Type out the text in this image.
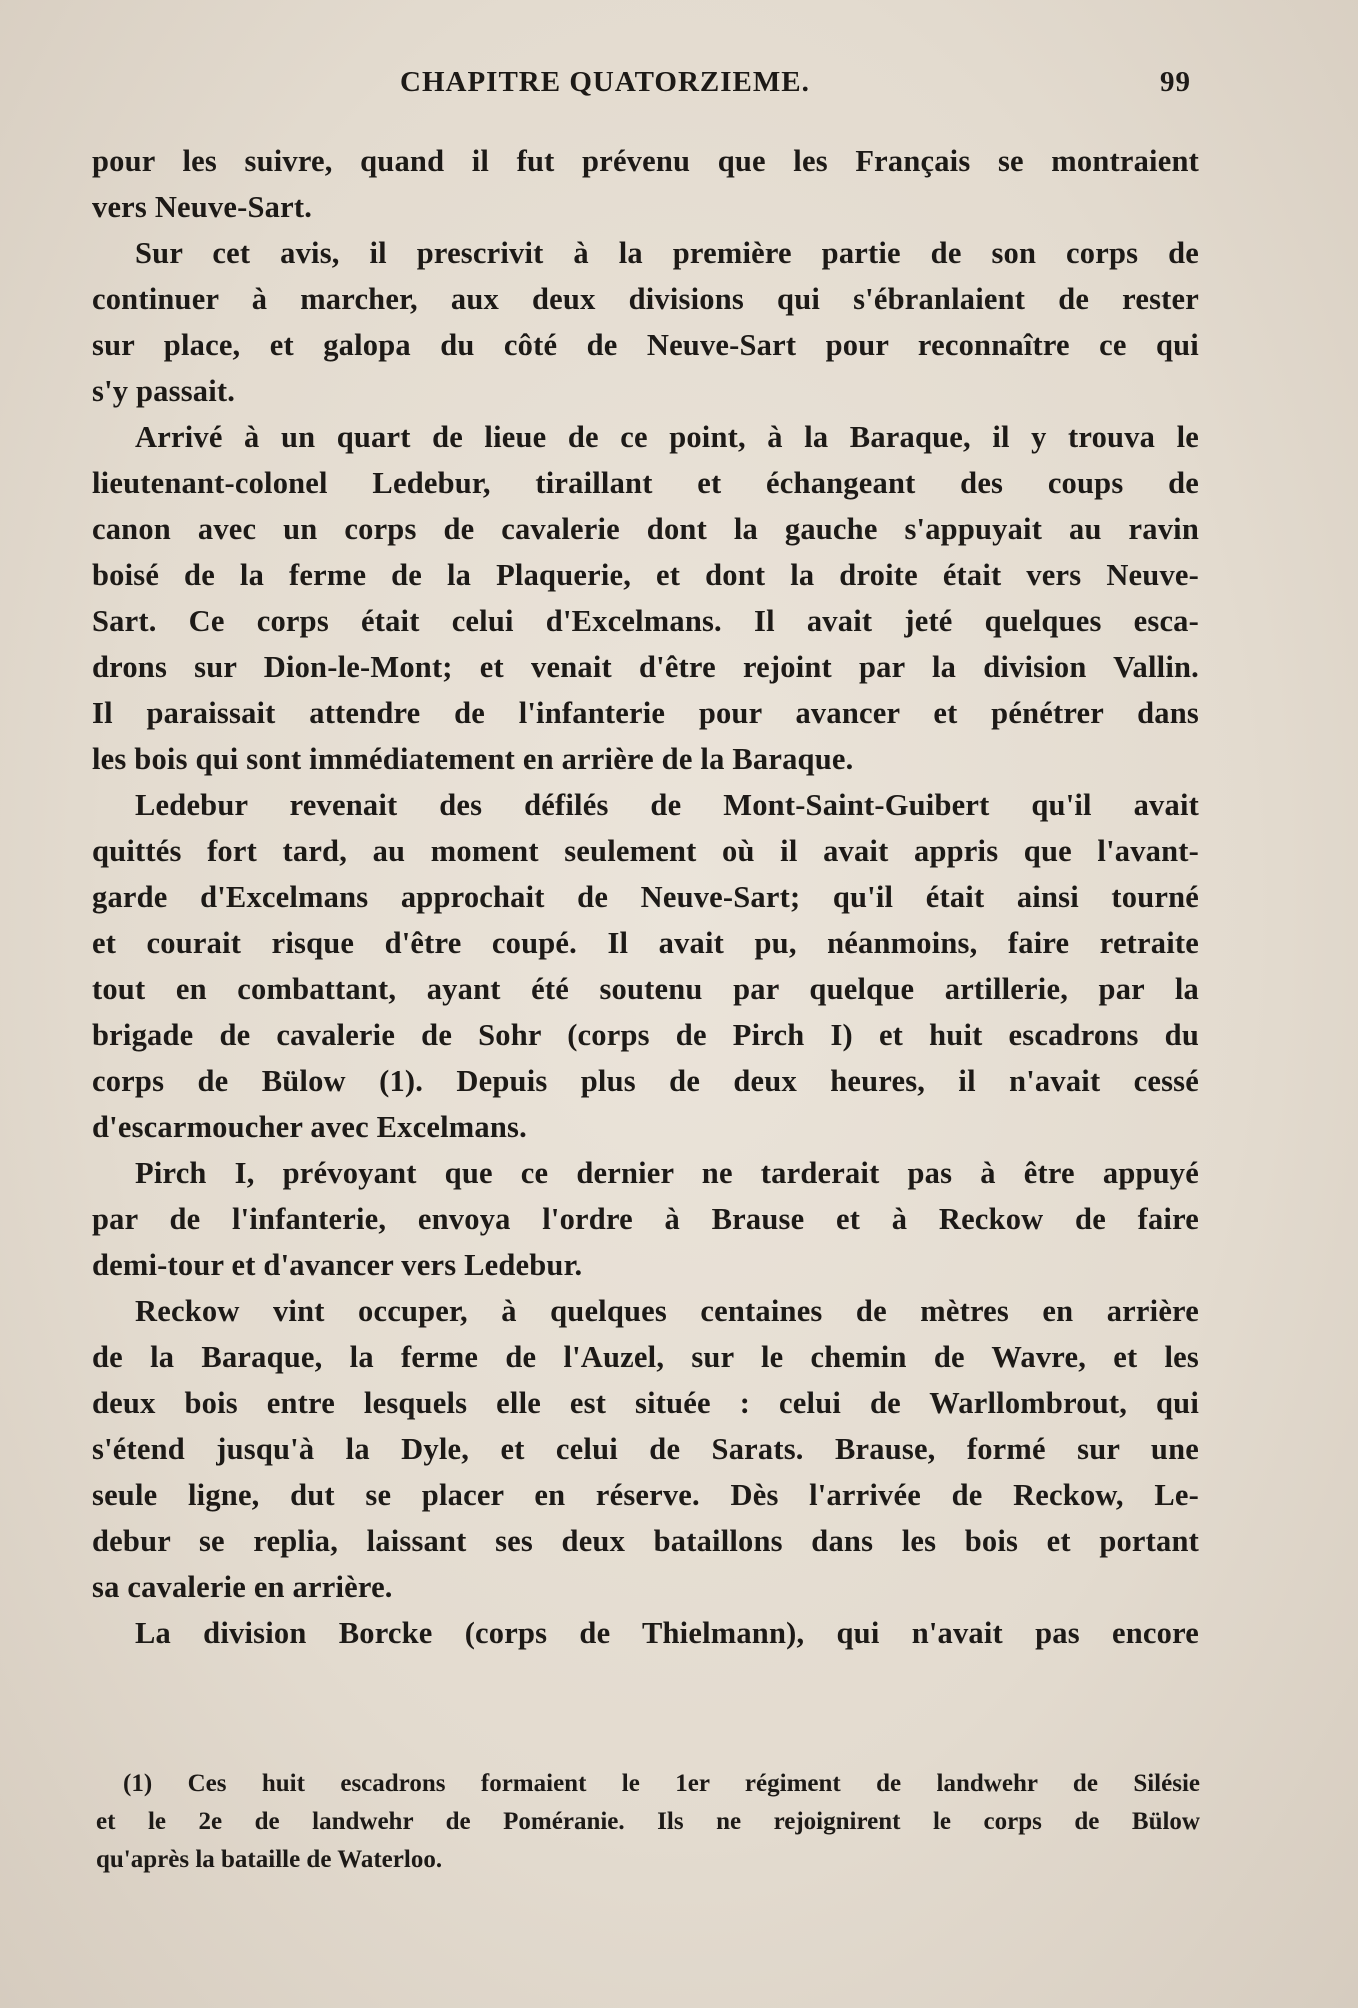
CHAPITRE QUATORZIEME.	99
pour les suivre, quand il fut prévenu que les Français se montraient
vers Neuve-Sart.
Sur cet avis, il prescrivit à la première partie de son corps de
continuer à marcher, aux deux divisions qui s'ébranlaient de rester
sur place, et galopa du côté de Neuve-Sart pour reconnaître ce qui
s'y passait.
Arrivé à un quart de lieue de ce point, à la Baraque, il y trouva le
lieutenant-colonel Ledebur, tiraillant et échangeant des coups de
canon avec un corps de cavalerie dont la gauche s'appuyait au ravin
boisé de la ferme de la Plaquerie, et dont la droite était vers Neuve-
Sart. Ce corps était celui d'Excelmans. Il avait jeté quelques esca-
drons sur Dion-le-Mont; et venait d'être rejoint par la division Vallin.
Il paraissait attendre de l'infanterie pour avancer et pénétrer dans
les bois qui sont immédiatement en arrière de la Baraque.
Ledebur revenait des défilés de Mont-Saint-Guibert qu'il avait
quittés fort tard, au moment seulement où il avait appris que l'avant-
garde d'Excelmans approchait de Neuve-Sart; qu'il était ainsi tourné
et courait risque d'être coupé. Il avait pu, néanmoins, faire retraite
tout en combattant, ayant été soutenu par quelque artillerie, par la
brigade de cavalerie de Sohr (corps de Pirch I) et huit escadrons du
corps de Bülow (1). Depuis plus de deux heures, il n'avait cessé
d'escarmoucher avec Excelmans.
Pirch I, prévoyant que ce dernier ne tarderait pas à être appuyé
par de l'infanterie, envoya l'ordre à Brause et à Reckow de faire
demi-tour et d'avancer vers Ledebur.
Reckow vint occuper, à quelques centaines de mètres en arrière
de la Baraque, la ferme de l'Auzel, sur le chemin de Wavre, et les
deux bois entre lesquels elle est située : celui de Warllombrout, qui
s'étend jusqu'à la Dyle, et celui de Sarats. Brause, formé sur une
seule ligne, dut se placer en réserve. Dès l'arrivée de Reckow, Le-
debur se replia, laissant ses deux bataillons dans les bois et portant
sa cavalerie en arrière.
La division Borcke (corps de Thielmann), qui n'avait pas encore
(1) Ces huit escadrons formaient le 1er régiment de landwehr de Silésie
et le 2e de landwehr de Poméranie. Ils ne rejoignirent le corps de Bülow
qu'après la bataille de Waterloo.
